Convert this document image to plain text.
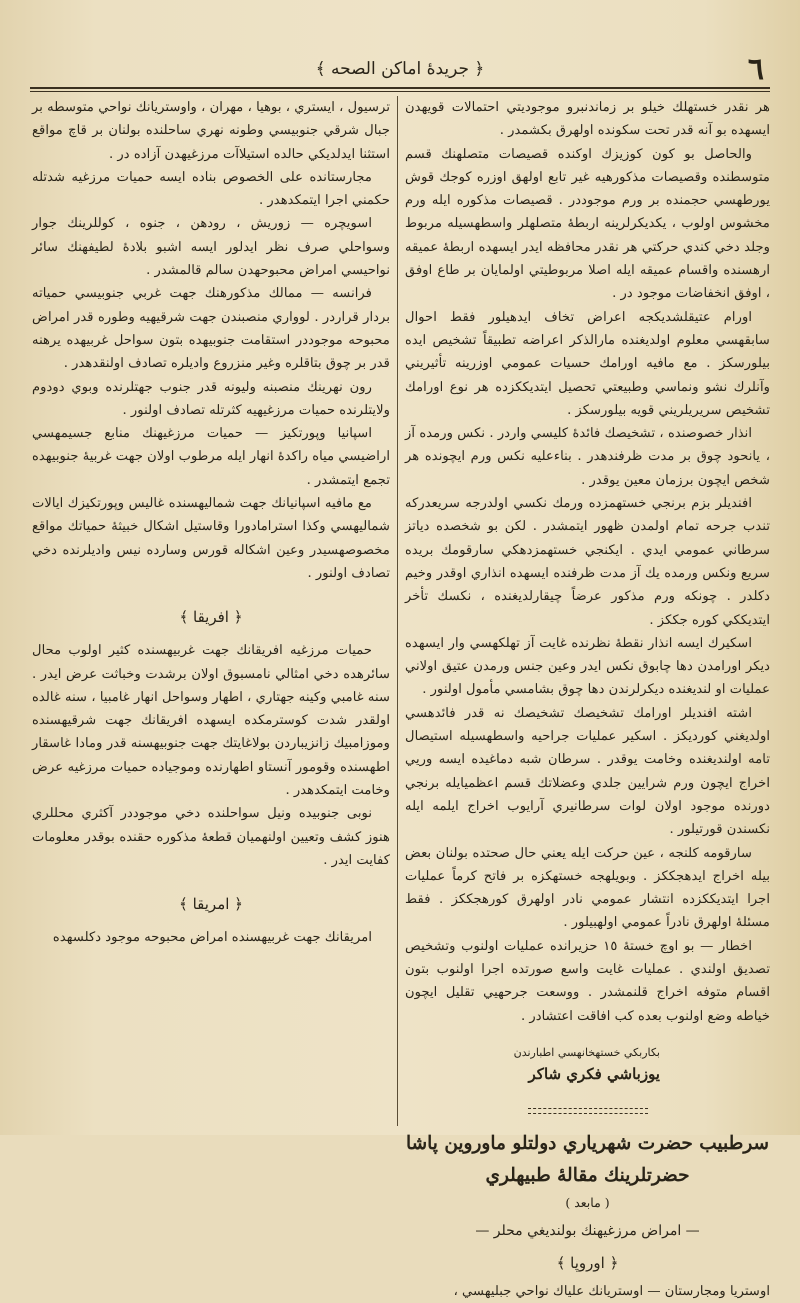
٦
﴿ جريدهٔ اماكن الصحه ﴾

هر نقدر خستهلك خيلو بر زماندنبرو موجوديتي احتمالات قويهدن ايسهده بو آنه قدر تحت سكونده اولهرق بكشمدر .

والحاصل بو كون كوزيزك اوكنده قصيصات متصلهنك قسم متوسطنده وقصيصات مذكورهيه غير تابع اولهق اوزره كوجك قوش يورطهسي حجمنده بر ورم موجوددر . قصيصات مذكوره ايله ورم مخشوس اولوب ، يكديكرلرينه اربطهٔ متصلهلر واسطهسيله مربوط وجلد دخي كندي حركتي هر نقدر محافظه ايدر ايسهده اربطهٔ عميقه ارهسنده واقسام عميقه ايله اصلا مربوطيتي اولمايان بر طاع اوفق ، اوفق انخفاضات موجود در .

اورام عتيقلشديكجه اعراض تخاف ايدهيلور فقط احوال سابقهسي معلوم اولديغنده مارالذكر اعراضه تطبيقاً تشخيص ايده بيلورسكز . مع مافيه اورامك حسيات عمومي اوزرينه تأثيريني وآنلرك نشو ونماسي وطبيعتي تحصيل ايتديككزده هر نوع اورامك تشخيص سريريلريني قويه بيلورسكز .

انذار خصوصنده ، تشخيصك فائدهٔ كليسي واردر . نكس ورمده آز ، يانحود چوق بر مدت ظرفندهدر . بناءعليه نكس ورم ايچونده هر شخص ايچون برزمان معين يوقدر .

افنديلر بزم برنجي خستهمزده ورمك نكسي اولدرجه سريعدركه تندب جرحه تمام اولمدن ظهور ايتمشدر . لكن بو شخصده دياتز سرطاني عمومي ايدي . ايكنجي خستهمزدهكي سارقومك بريده سريع ونكس ورمده يك آز مدت ظرفنده ايسهده انذاري اوقدر وخيم دكلدر . چونكه ورم مذكور عرضاً چيقارلديغنده ، نكسك تأخر ايتديككي كوره جككز .

اسكيرك ايسه انذار نقطهٔ نظرنده غايت آز تهلكهسي وار ايسهده ديكر اورامدن دها چابوق نكس ايدر وعين جنس ورمدن عتيق اولاني عمليات او لنديغنده ديكرلرندن دها چوق بشامسي مأمول اولنور .

اشته افنديلر اورامك تشخيصك تشخيصك نه قدر فائدهسي اولديغني كورديكز . اسكير عمليات جراحيه واسطهسيله استيصال تامه اولنديغنده وخامت يوقدر . سرطان شبه دماغيده ايسه وريي اخراج ايچون ورم شرايين جلدي وعضلاتك قسم اعظميايله برنجي دورنده موجود اولان لوات سرطانيري آرايوب اخراج ايلمه ايله نكسندن قورتيلور .

سارقومه كلنجه ، عين حركت ايله يعني حال صحتده بولنان بعض بيله اخراج ايدهجككز . وبويلهجه خستهكزه بر فاتح كرماً عمليات اجرا ايتديككزده انتشار عمومي نادر اولهرق كورهجككز . فقط مسئلهٔ اولهرق نادراً عمومي اولهبيلور .

اخطار — بو اوچ خستهٔ ١٥ حزيرانده عمليات اولنوب وتشخيص تصديق اولندي . عمليات غايت واسع صورتده اجرا اولنوب بتون اقسام متوفه اخراج قلنمشدر . ووسعت جرحهيي تقليل ايچون خياطه وضع اولنوب بعده كب افاقت اعتشادر .

بكاربكي خستهخانهسي اطبارندن
يوزباشي فكري شاكر
سرطبيب حضرت شهرياري دولتلو ماوروين پاشا
حضرتلرينك مقالهٔ طبيهلري
( مابعد )
— امراض مرزغيهنك بولنديغي محلر —
﴿ اوروپا ﴾

اوستريا ومجارستان — اوستريانك علياك نواحي جبليهسي ،

ترسيول ، ايستري ، بوهيا ، مهران ، واوستريانك نواحي متوسطه بر جبال شرقي جنوبيسي وطونه نهري ساحلنده بولنان بر قاچ مواقع استثنا ايدلديكي حالده استيلاآت مرزغيهدن آزاده در .

مجارستانده على الخصوص بناده ايسه حميات مرزغيه شدتله حكمني اجرا ايتمكدهدر .

اسويچره — زوريش ، رودهن ، جنوه ، كوللرينك جوار وسواحلي صرف نظر ايدلور ايسه اشبو بلادهٔ لطيفهنك سائر نواحيسي امراض محبوحهدن سالم قالمشدر .

فرانسه — ممالك مذكورهنك جهت غربي جنوبيسي حمياته بردار قراردر . لوواري منصبندن جهت شرقيهيه وطوره قدر امراض محبوحه موجوددر استقامت جنوبيهده بتون سواحل غربيهده يرهنه قدر بر چوق بتاقلره وغير منزروع واديلره تصادف اولنقدهدر .

رون نهرينك منصبنه وليونه قدر جنوب جهتلرنده وبوي دودوم ولايتلرنده حميات مرزغيهيه كثرتله تصادف اولنور .

اسپانيا وپورتكيز — حميات مرزغيهنك منابع جسيمهسي اراضيسي مياه راكدهٔ انهار ايله مرطوب اولان جهت غربيهٔ جنوبيهده تجمع ايتمشدر .

مع مافيه اسپانيانك جهت شماليهسنده غاليس وپورتكيزك ايالات شماليهسي وكذا استرامادورا وقاستيل اشكال خبيثهٔ حمياتك مواقع مخصوصهسيدر وعين اشكاله قورس وسارده نيس واديلرنده دخي تصادف اولنور .

﴿ افريقا ﴾

حميات مرزغيه افريقانك جهت غربيهسنده كثير اولوب محال سائرهده دخي امثالي نامسبوق اولان برشدت وخباثت عرض ايدر . سنه غامبي وكينه جهتاري ، اطهار وسواحل انهار غامبيا ، سنه غالده اولقدر شدت كوسترمكده ايسهده افريقانك جهت شرقيهسنده وموزامبيك زانزيباردن بولاغايتك جهت جنوبيهسنه قدر ومادا غاسقار اطهسنده وقومور آنستاو اطهارنده وموجياده حميات مرزغيه عرض وخامت ايتمكدهدر .

نوبى جنوبيده ونيل سواحلنده دخي موجوددر آكثري محللري هنوز كشف وتعيين اولنهميان قطعهٔ مذكوره حقنده بوقدر معلومات كفايت ايدر .

﴿ امريقا ﴾

امريقانك جهت غربيهسنده امراض محبوحه موجود دكلسهده
